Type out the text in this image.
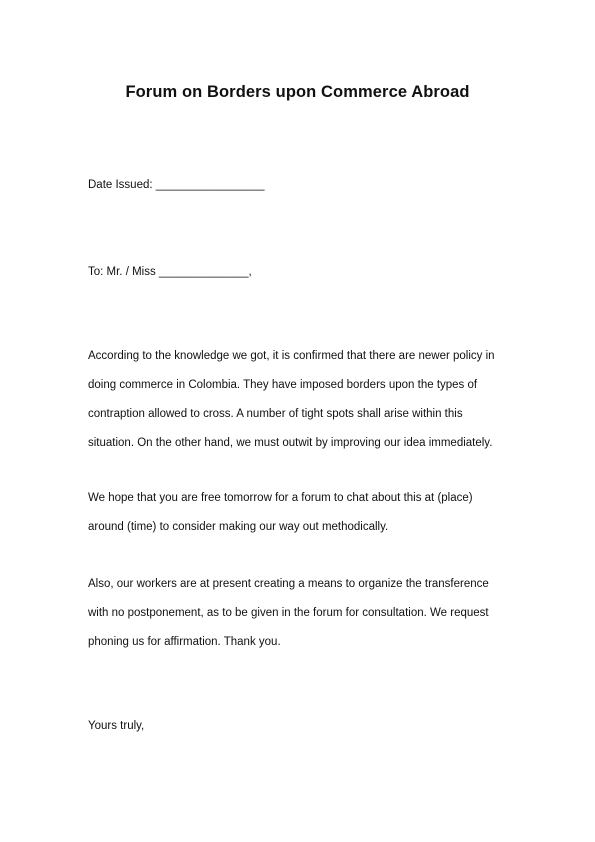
Forum on Borders upon Commerce Abroad

Date Issued: _________________

To: Mr. / Miss ______________,

According to the knowledge we got, it is confirmed that there are newer policy in
doing commerce in Colombia. They have imposed borders upon the types of
contraption allowed to cross. A number of tight spots shall arise within this
situation. On the other hand, we must outwit by improving our idea immediately.
We hope that you are free tomorrow for a forum to chat about this at (place)
around (time) to consider making our way out methodically.
Also, our workers are at present creating a means to organize the transference
with no postponement, as to be given in the forum for consultation. We request
phoning us for affirmation. Thank you.

Yours truly,
